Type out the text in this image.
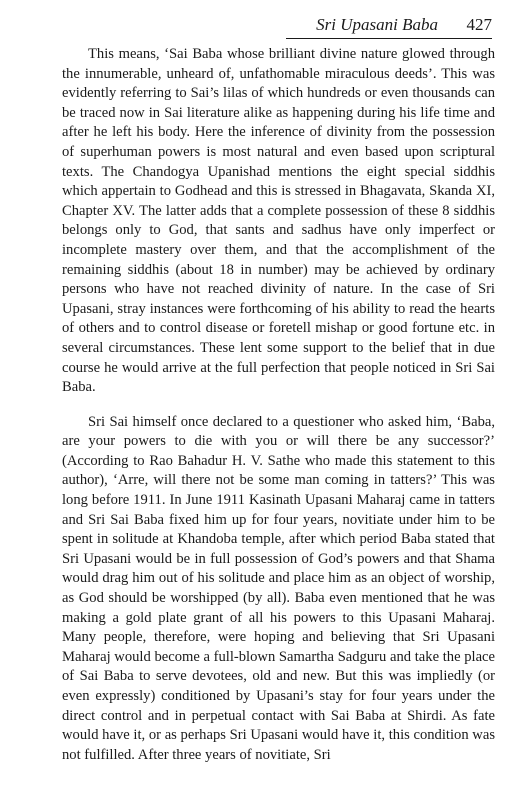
Sri Upasani Baba 427

This means, ‘Sai Baba whose brilliant divine nature glowed through the innumerable, unheard of, unfathomable miraculous deeds’. This was evidently referring to Sai’s lilas of which hundreds or even thousands can be traced now in Sai literature alike as happening during his life time and after he left his body. Here the inference of divinity from the possession of superhuman powers is most natural and even based upon scriptural texts. The Chandogya Upanishad mentions the eight special siddhis which appertain to Godhead and this is stressed in Bhagavata, Skanda XI, Chapter XV. The latter adds that a complete possession of these 8 siddhis belongs only to God, that sants and sadhus have only imperfect or incomplete mastery over them, and that the accomplishment of the remaining siddhis (about 18 in number) may be achieved by ordinary persons who have not reached divinity of nature. In the case of Sri Upasani, stray instances were forthcoming of his ability to read the hearts of others and to control disease or foretell mishap or good fortune etc. in several circumstances. These lent some support to the belief that in due course he would arrive at the full perfection that people noticed in Sri Sai Baba.

Sri Sai himself once declared to a questioner who asked him, ‘Baba, are your powers to die with you or will there be any successor?’ (According to Rao Bahadur H. V. Sathe who made this statement to this author), ‘Arre, will there not be some man coming in tatters?’ This was long before 1911. In June 1911 Kasinath Upasani Maharaj came in tatters and Sri Sai Baba fixed him up for four years, novitiate under him to be spent in solitude at Khandoba temple, after which period Baba stated that Sri Upasani would be in full possession of God’s powers and that Shama would drag him out of his solitude and place him as an object of worship, as God should be worshipped (by all). Baba even mentioned that he was making a gold plate grant of all his powers to this Upasani Maharaj. Many people, therefore, were hoping and believing that Sri Upasani Maharaj would become a full-blown Samartha Sadguru and take the place of Sai Baba to serve devotees, old and new. But this was impliedly (or even expressly) conditioned by Upasani’s stay for four years under the direct control and in perpetual contact with Sai Baba at Shirdi. As fate would have it, or as perhaps Sri Upasani would have it, this condition was not fulfilled. After three years of novitiate, Sri
